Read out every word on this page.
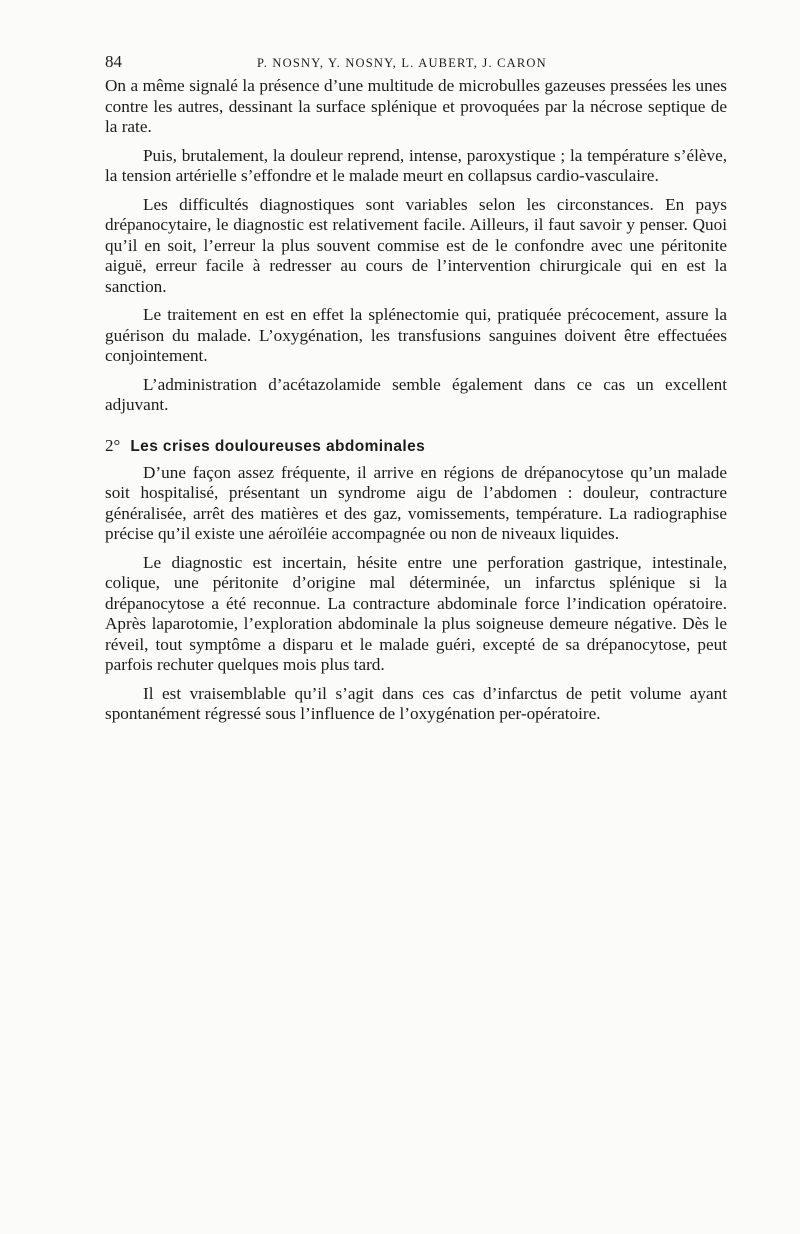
84	P. NOSNY, Y. NOSNY, L. AUBERT, J. CARON

On a même signalé la présence d’une multitude de microbulles gazeuses pressées les unes contre les autres, dessinant la surface splénique et provoquées par la nécrose septique de la rate.

Puis, brutalement, la douleur reprend, intense, paroxystique ; la température s’élève, la tension artérielle s’effondre et le malade meurt en collapsus cardio-vasculaire.

Les difficultés diagnostiques sont variables selon les circonstances. En pays drépanocytaire, le diagnostic est relativement facile. Ailleurs, il faut savoir y penser. Quoi qu’il en soit, l’erreur la plus souvent commise est de le confondre avec une péritonite aiguë, erreur facile à redresser au cours de l’intervention chirurgicale qui en est la sanction.

Le traitement en est en effet la splénectomie qui, pratiquée précocement, assure la guérison du malade. L’oxygénation, les transfusions sanguines doivent être effectuées conjointement.

L’administration d’acétazolamide semble également dans ce cas un excellent adjuvant.

2° Les crises douloureuses abdominales

D’une façon assez fréquente, il arrive en régions de drépanocytose qu’un malade soit hospitalisé, présentant un syndrome aigu de l’abdomen : douleur, contracture généralisée, arrêt des matières et des gaz, vomissements, température. La radiographise précise qu’il existe une aéroïléie accompagnée ou non de niveaux liquides.

Le diagnostic est incertain, hésite entre une perforation gastrique, intestinale, colique, une péritonite d’origine mal déterminée, un infarctus splénique si la drépanocytose a été reconnue. La contracture abdominale force l’indication opératoire. Après laparotomie, l’exploration abdominale la plus soigneuse demeure négative. Dès le réveil, tout symptôme a disparu et le malade guéri, excepté de sa drépanocytose, peut parfois rechuter quelques mois plus tard.

Il est vraisemblable qu’il s’agit dans ces cas d’infarctus de petit volume ayant spontanément régressé sous l’influence de l’oxygénation per-opératoire.
